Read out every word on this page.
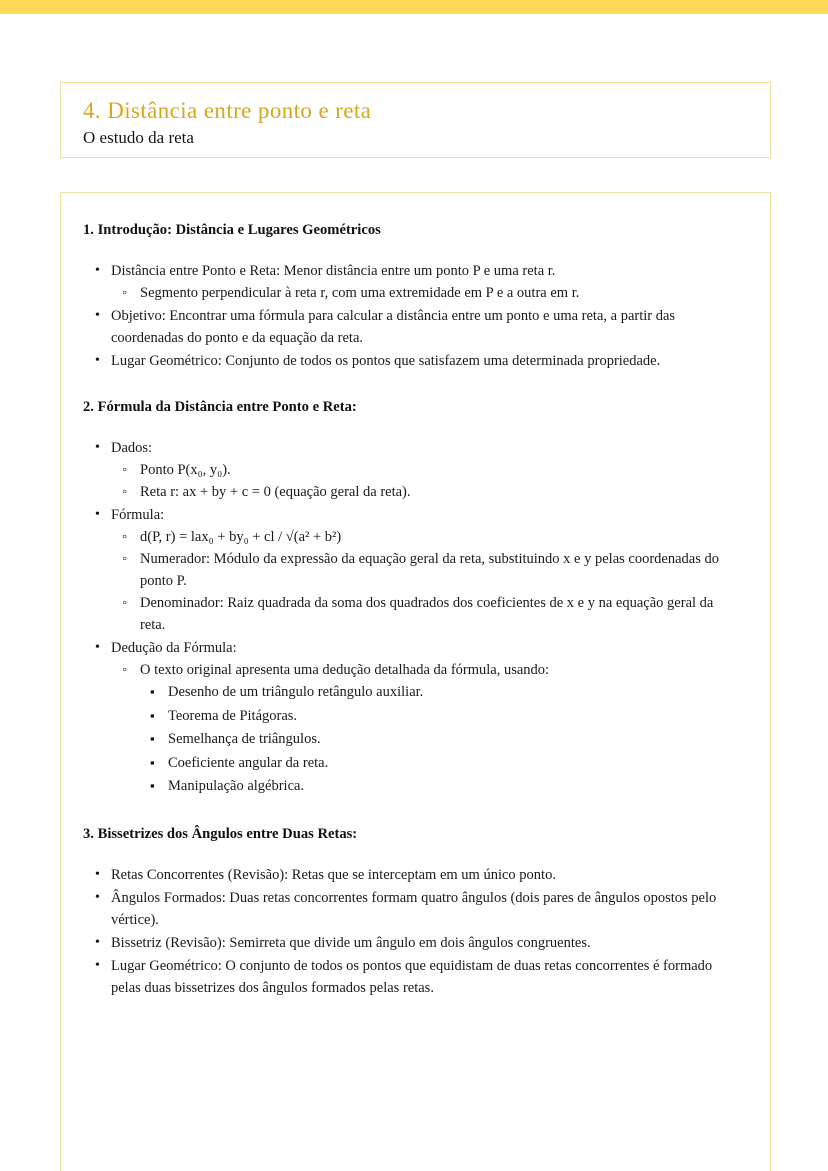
4. Distância entre ponto e reta
O estudo da reta
1. Introdução: Distância e Lugares Geométricos
• Distância entre Ponto e Reta: Menor distância entre um ponto P e uma reta r.
◦ Segmento perpendicular à reta r, com uma extremidade em P e a outra em r.
• Objetivo: Encontrar uma fórmula para calcular a distância entre um ponto e uma reta, a partir das coordenadas do ponto e da equação da reta.
• Lugar Geométrico: Conjunto de todos os pontos que satisfazem uma determinada propriedade.
2. Fórmula da Distância entre Ponto e Reta:
• Dados:
◦ Ponto P(x₀, y₀).
◦ Reta r: ax + by + c = 0 (equação geral da reta).
• Fórmula:
◦ d(P, r) = lax₀ + by₀ + cl / √(a² + b²)
◦ Numerador: Módulo da expressão da equação geral da reta, substituindo x e y pelas coordenadas do ponto P.
◦ Denominador: Raiz quadrada da soma dos quadrados dos coeficientes de x e y na equação geral da reta.
• Dedução da Fórmula:
◦ O texto original apresenta uma dedução detalhada da fórmula, usando:
▪ Desenho de um triângulo retângulo auxiliar.
▪ Teorema de Pitágoras.
▪ Semelhança de triângulos.
▪ Coeficiente angular da reta.
▪ Manipulação algébrica.
3. Bissetrizes dos Ângulos entre Duas Retas:
• Retas Concorrentes (Revisão): Retas que se interceptam em um único ponto.
• Ângulos Formados: Duas retas concorrentes formam quatro ângulos (dois pares de ângulos opostos pelo vértice).
• Bissetriz (Revisão): Semirreta que divide um ângulo em dois ângulos congruentes.
• Lugar Geométrico: O conjunto de todos os pontos que equidistam de duas retas concorrentes é formado pelas duas bissetrizes dos ângulos formados pelas retas.
